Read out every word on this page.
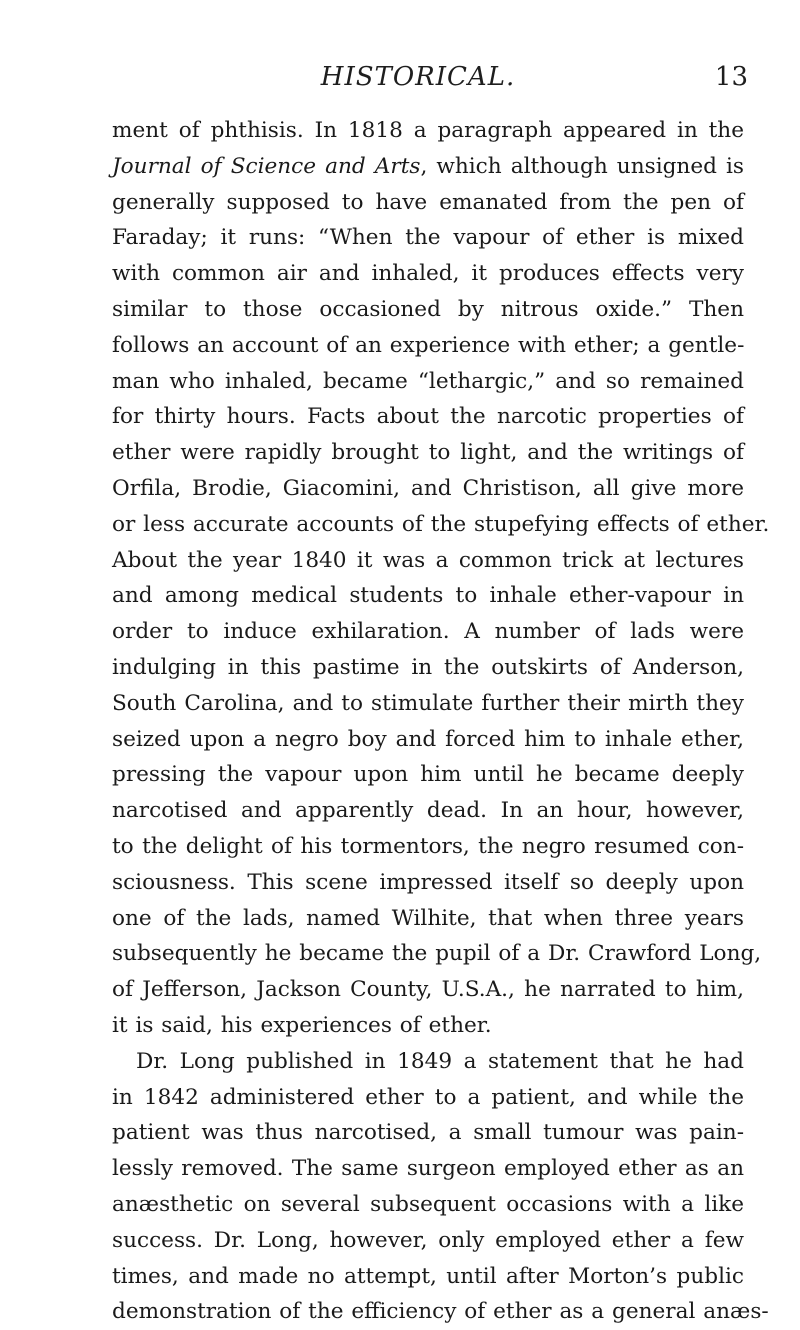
HISTORICAL.	13
ment of phthisis. In 1818 a paragraph appeared in the
Journal of Science and Arts, which although unsigned is
generally supposed to have emanated from the pen of
Faraday; it runs: “When the vapour of ether is mixed
with common air and inhaled, it produces effects very
similar to those occasioned by nitrous oxide.” Then
follows an account of an experience with ether; a gentle-
man who inhaled, became “lethargic,” and so remained
for thirty hours. Facts about the narcotic properties of
ether were rapidly brought to light, and the writings of
Orfila, Brodie, Giacomini, and Christison, all give more
or less accurate accounts of the stupefying effects of ether.
About the year 1840 it was a common trick at lectures
and among medical students to inhale ether-vapour in
order to induce exhilaration. A number of lads were
indulging in this pastime in the outskirts of Anderson,
South Carolina, and to stimulate further their mirth they
seized upon a negro boy and forced him to inhale ether,
pressing the vapour upon him until he became deeply
narcotised and apparently dead. In an hour, however,
to the delight of his tormentors, the negro resumed con-
sciousness. This scene impressed itself so deeply upon
one of the lads, named Wilhite, that when three years
subsequently he became the pupil of a Dr. Crawford Long,
of Jefferson, Jackson County, U.S.A., he narrated to him,
it is said, his experiences of ether.
Dr. Long published in 1849 a statement that he had
in 1842 administered ether to a patient, and while the
patient was thus narcotised, a small tumour was pain-
lessly removed. The same surgeon employed ether as an
anæsthetic on several subsequent occasions with a like
success. Dr. Long, however, only employed ether a few
times, and made no attempt, until after Morton’s public
demonstration of the efficiency of ether as a general anæs-
